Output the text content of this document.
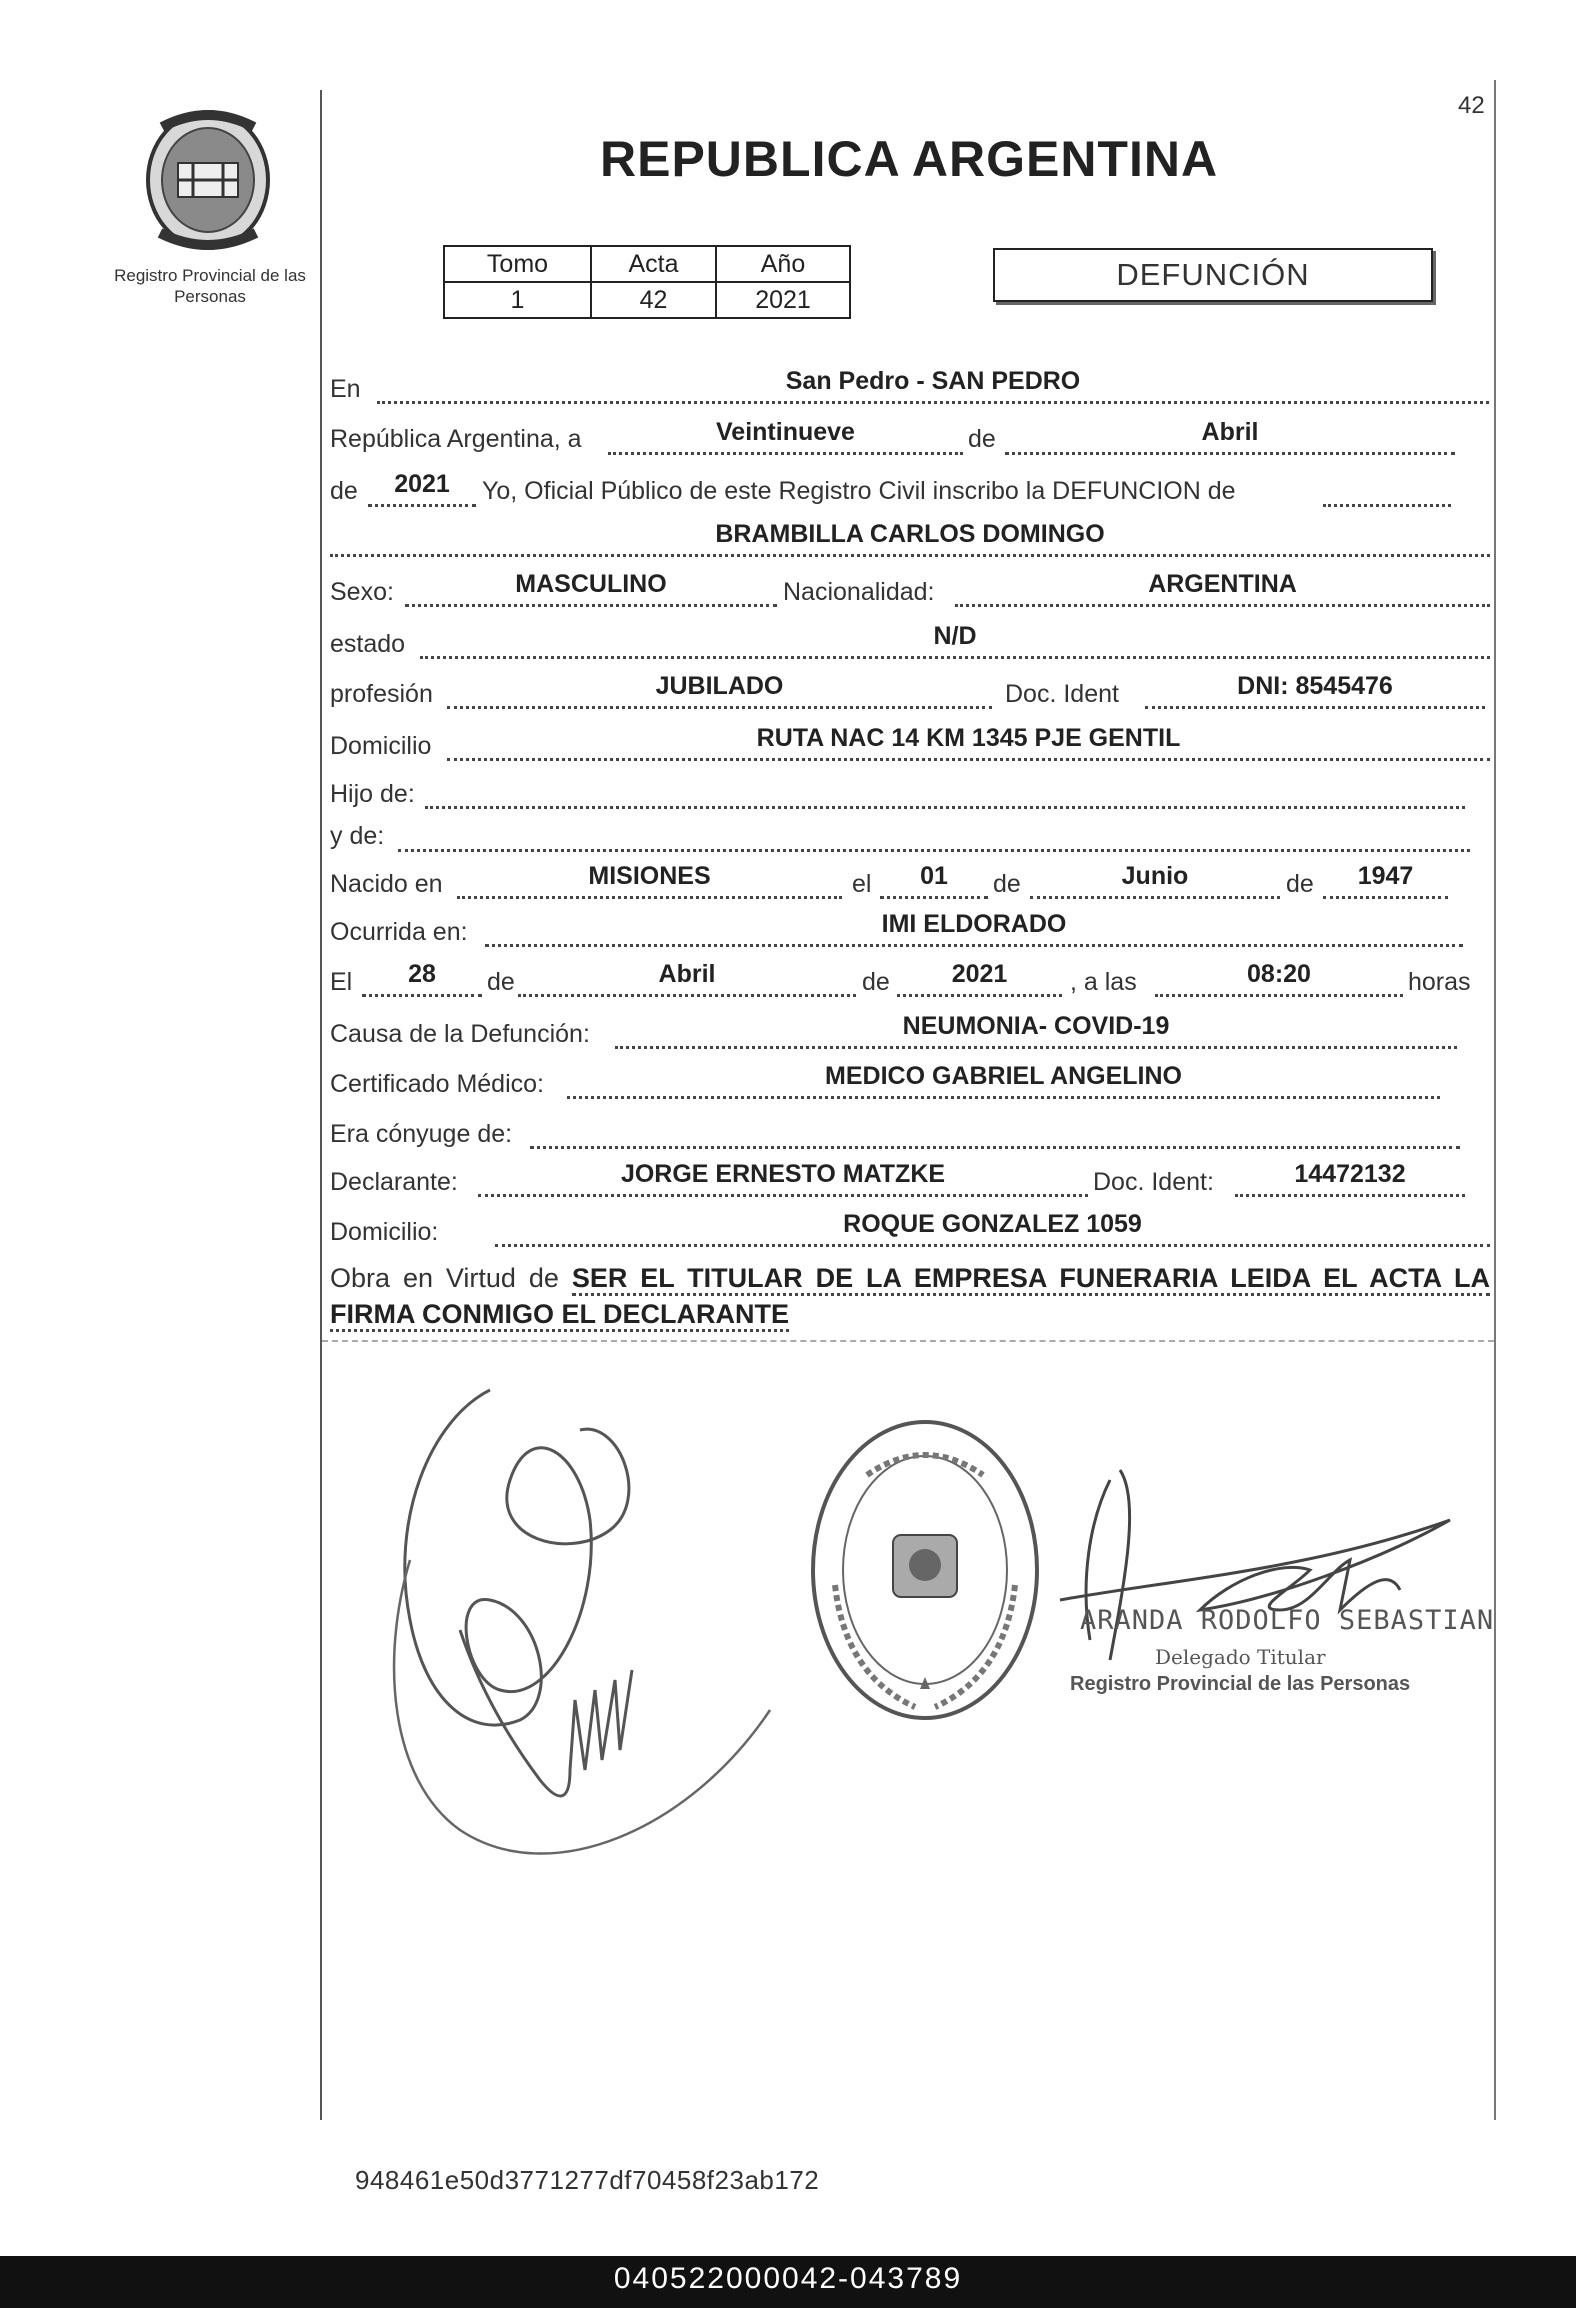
42
Registro Provincial de las Personas
REPUBLICA ARGENTINA
Tomo	Acta	Año
1	42	2021
DEFUNCIÓN
En	San Pedro - SAN PEDRO
República Argentina, a	Veintinueve	de	Abril
de	2021	Yo, Oficial Público de este Registro Civil inscribo la DEFUNCION de
BRAMBILLA CARLOS DOMINGO
Sexo:	MASCULINO	Nacionalidad:	ARGENTINA
estado	N/D
profesión	JUBILADO	Doc. Ident	DNI: 8545476
Domicilio	RUTA NAC 14 KM 1345 PJE GENTIL
Hijo de:
y de:
Nacido en	MISIONES	el	01	de	Junio	de	1947
Ocurrida en:	IMI ELDORADO
El	28	de	Abril	de	2021	, a las	08:20	horas
Causa de la Defunción:	NEUMONIA- COVID-19
Certificado Médico:	MEDICO GABRIEL ANGELINO
Era cónyuge de:
Declarante:	JORGE ERNESTO MATZKE	Doc. Ident:	14472132
Domicilio:	ROQUE GONZALEZ 1059
Obra en Virtud de SER EL TITULAR DE LA EMPRESA FUNERARIA LEIDA EL ACTA LA FIRMA CONMIGO EL DECLARANTE
ARANDA RODOLFO SEBASTIAN
Delegado Titular
Registro Provincial de las Personas
948461e50d3771277df70458f23ab172
040522000042-043789
